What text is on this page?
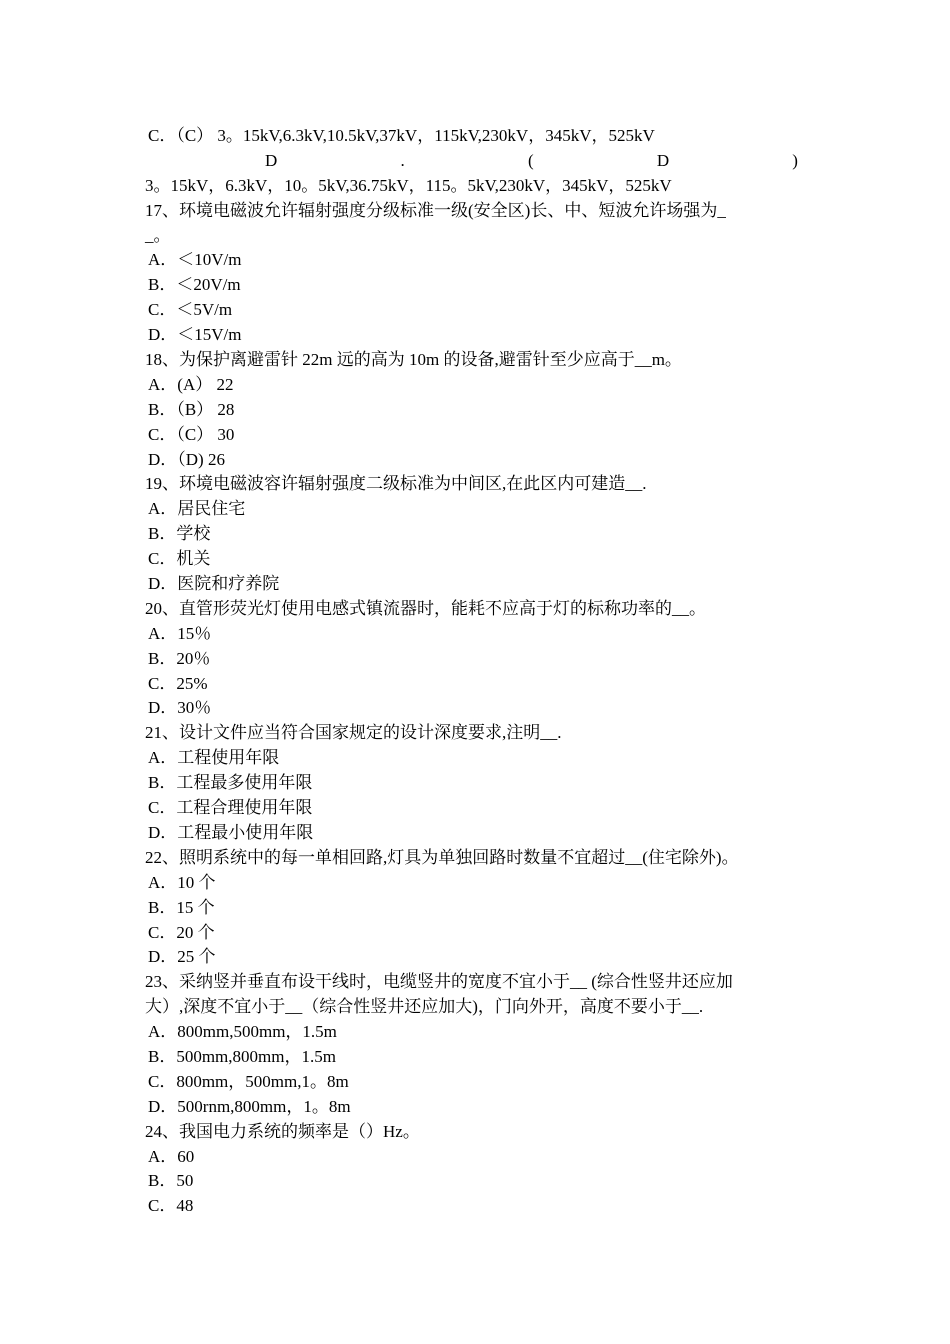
C．（C） 3。15kV,6.3kV,10.5kV,37kV，115kV,230kV，345kV，525kV
D	.	(	D	)
3。15kV，6.3kV，10。5kV,36.75kV，115。5kV,230kV，345kV，525kV
17、环境电磁波允许辐射强度分级标准一级(安全区)长、中、短波允许场强为_
_。
A．＜10V/m
B．＜20V/m
C．＜5V/m
D．＜15V/m
18、为保护离避雷针 22m 远的高为 10m 的设备,避雷针至少应高于__m。
A．(A） 22
B．（B） 28
C．（C） 30
D．（D) 26
19、环境电磁波容许辐射强度二级标准为中间区,在此区内可建造__.
A．居民住宅
B．学校
C．机关
D．医院和疗养院
20、直管形荧光灯使用电感式镇流器时，能耗不应高于灯的标称功率的__。
A．15％
B．20％
C．25%
D．30％
21、设计文件应当符合国家规定的设计深度要求,注明__.
A．工程使用年限
B．工程最多使用年限
C．工程合理使用年限
D．工程最小使用年限
22、照明系统中的每一单相回路,灯具为单独回路时数量不宜超过__(住宅除外)。
A．10 个
B．15 个
C．20 个
D．25 个
23、采纳竖并垂直布设干线时，电缆竖井的宽度不宜小于__ (综合性竖井还应加
大）,深度不宜小于__（综合性竖井还应加大)，门向外开，高度不要小于__.
A．800mm,500mm，1.5m
B．500mm,800mm，1.5m
C．800mm，500mm,1。8m
D．500rnm,800mm，1。8m
24、我国电力系统的频率是（）Hz。
A．60
B．50
C．48
